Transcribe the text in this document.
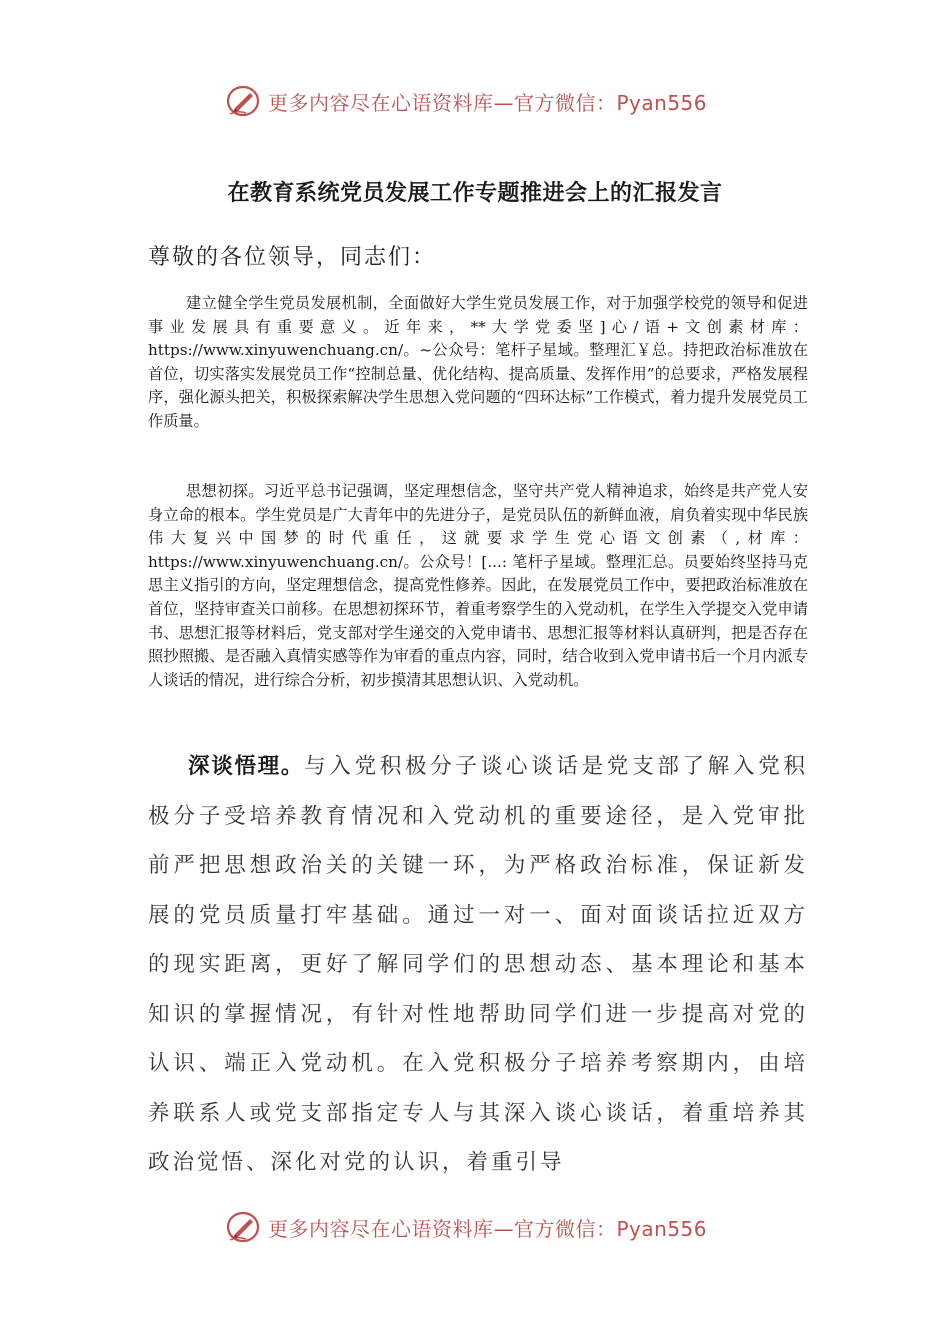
更多内容尽在心语资料库—官方微信：Pyan556
在教育系统党员发展工作专题推进会上的汇报发言
尊敬的各位领导，同志们：

建立健全学生党员发展机制，全面做好大学生党员发展工作，对于加强学校党的领导和促进事业发展具有重要意义。近年来，**大学党委坚]心/语+文创素材库：https://www.xinyuwenchuang.cn/。~公众号：笔杆子星域。整理汇￥总。持把政治标准放在首位，切实落实发展党员工作“控制总量、优化结构、提高质量、发挥作用”的总要求，严格发展程序，强化源头把关，积极探索解决学生思想入党问题的“四环达标”工作模式，着力提升发展党员工作质量。

思想初探。习近平总书记强调，坚定理想信念，坚守共产党人精神追求，始终是共产党人安身立命的根本。学生党员是广大青年中的先进分子，是党员队伍的新鲜血液，肩负着实现中华民族伟大复兴中国梦的时代重任，这就要求学生党心语文创素（,材库：https://www.xinyuwenchuang.cn/。公众号！[...: 笔杆子星域。整理汇总。员要始终坚持马克思主义指引的方向，坚定理想信念，提高党性修养。因此，在发展党员工作中，要把政治标准放在首位，坚持审查关口前移。在思想初探环节，着重考察学生的入党动机，在学生入学提交入党申请书、思想汇报等材料后，党支部对学生递交的入党申请书、思想汇报等材料认真研判，把是否存在照抄照搬、是否融入真情实感等作为审看的重点内容，同时，结合收到入党申请书后一个月内派专人谈话的情况，进行综合分析，初步摸清其思想认识、入党动机。

深谈悟理。与入党积极分子谈心谈话是党支部了解入党积极分子受培养教育情况和入党动机的重要途径，是入党审批前严把思想政治关的关键一环，为严格政治标准，保证新发展的党员质量打牢基础。通过一对一、面对面谈话拉近双方的现实距离，更好了解同学们的思想动态、基本理论和基本知识的掌握情况，有针对性地帮助同学们进一步提高对党的认识、端正入党动机。在入党积极分子培养考察期内，由培养联系人或党支部指定专人与其深入谈心谈话，着重培养其政治觉悟、深化对党的认识，着重引导

更多内容尽在心语资料库—官方微信：Pyan556
